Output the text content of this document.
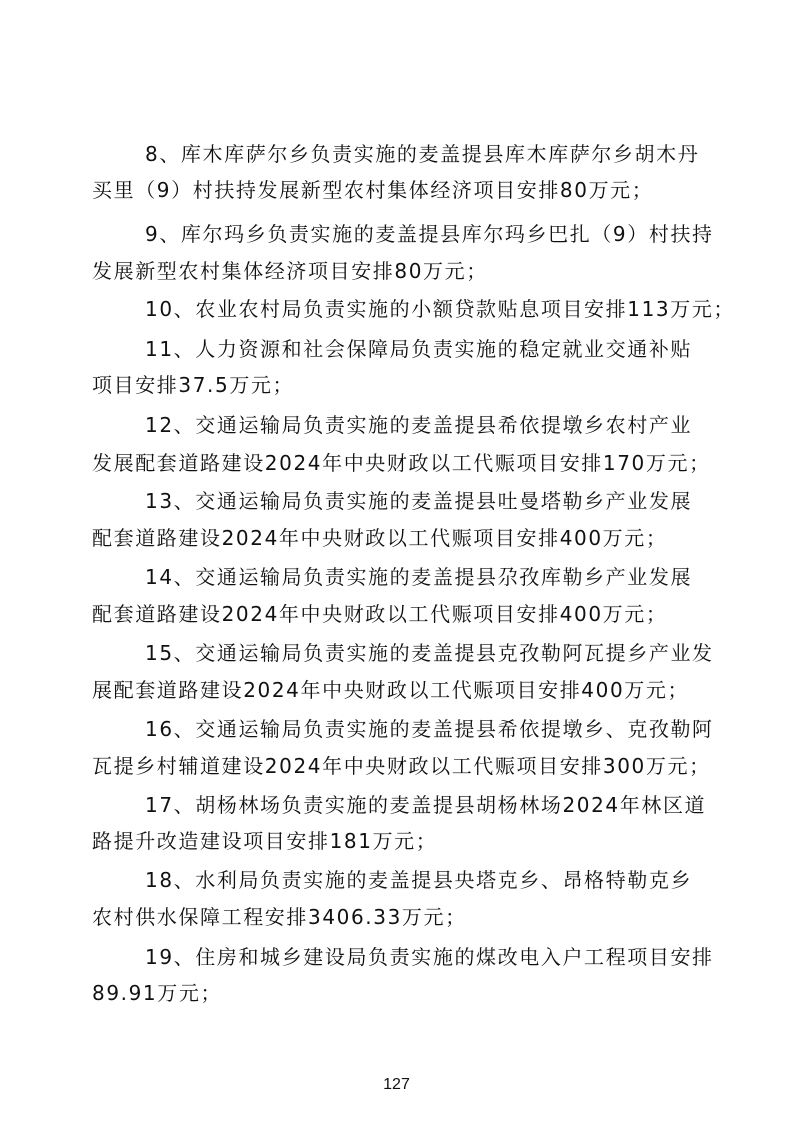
8、库木库萨尔乡负责实施的麦盖提县库木库萨尔乡胡木丹
买里（9）村扶持发展新型农村集体经济项目安排80万元；
9、库尔玛乡负责实施的麦盖提县库尔玛乡巴扎（9）村扶持
发展新型农村集体经济项目安排80万元；
10、农业农村局负责实施的小额贷款贴息项目安排113万元；
11、人力资源和社会保障局负责实施的稳定就业交通补贴
项目安排37.5万元；
12、交通运输局负责实施的麦盖提县希依提墩乡农村产业
发展配套道路建设2024年中央财政以工代赈项目安排170万元；
13、交通运输局负责实施的麦盖提县吐曼塔勒乡产业发展
配套道路建设2024年中央财政以工代赈项目安排400万元；
14、交通运输局负责实施的麦盖提县尕孜库勒乡产业发展
配套道路建设2024年中央财政以工代赈项目安排400万元；
15、交通运输局负责实施的麦盖提县克孜勒阿瓦提乡产业发
展配套道路建设2024年中央财政以工代赈项目安排400万元；
16、交通运输局负责实施的麦盖提县希依提墩乡、克孜勒阿
瓦提乡村辅道建设2024年中央财政以工代赈项目安排300万元；
17、胡杨林场负责实施的麦盖提县胡杨林场2024年林区道
路提升改造建设项目安排181万元；
18、水利局负责实施的麦盖提县央塔克乡、昂格特勒克乡
农村供水保障工程安排3406.33万元；
19、住房和城乡建设局负责实施的煤改电入户工程项目安排
89.91万元；
127
